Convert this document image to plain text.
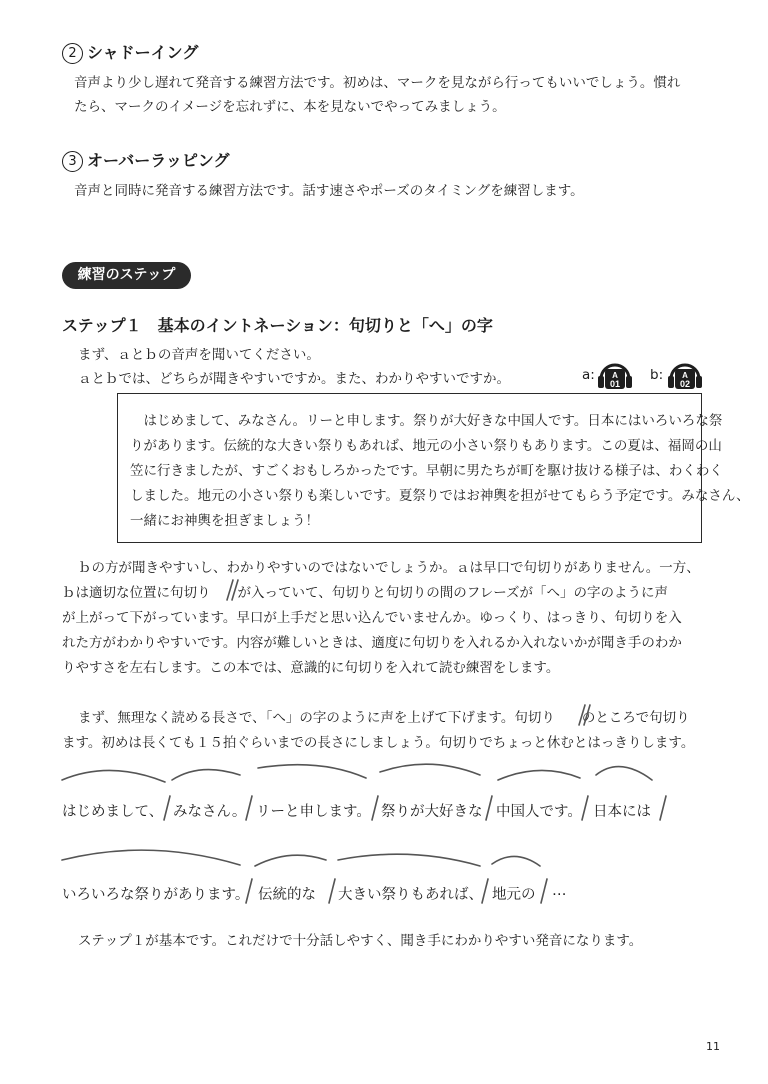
2 シャドーイング
音声より少し遅れて発音する練習方法です。初めは、マークを見ながら行ってもいいでしょう。慣れ
たら、マークのイメージを忘れずに、本を見ないでやってみましょう。
3 オーバーラッピング
音声と同時に発音する練習方法です。話す速さやポーズのタイミングを練習します。
練習のステップ
ステップ１　基本のイントネーション：句切りと「へ」の字
まず、ａとｂの音声を聞いてください。
ａとｂでは、どちらが聞きやすいですか。また、わかりやすいですか。	a: A
01
b: A
02
　はじめまして、みなさん。リーと申します。祭りが大好きな中国人です。日本にはいろいろな祭
りがあります。伝統的な大きい祭りもあれば、地元の小さい祭りもあります。この夏は、福岡の山
笠に行きましたが、すごくおもしろかったです。早朝に男たちが町を駆け抜ける様子は、わくわく
しました。地元の小さい祭りも楽しいです。夏祭りではお神輿を担がせてもらう予定です。みなさん、
一緒にお神輿を担ぎましょう！
ｂの方が聞きやすいし、わかりやすいのではないでしょうか。ａは早口で句切りがありません。一方、
ｂは適切な位置に句切り　　が入っていて、句切りと句切りの間のフレーズが「へ」の字のように声
が上がって下がっています。早口が上手だと思い込んでいませんか。ゆっくり、はっきり、句切りを入
れた方がわかりやすいです。内容が難しいときは、適度に句切りを入れるか入れないかが聞き手のわか
りやすさを左右します。この本では、意識的に句切りを入れて読む練習をします。
まず、無理なく読める長さで、「へ」の字のように声を上げて下げます。句切り　　のところで句切り
ます。初めは長くても１５拍ぐらいまでの長さにしましょう。句切りでちょっと休むとはっきりします。
はじめまして、 みなさん。 リーと申します。 祭りが大好きな 中国人です。 日本には
いろいろな祭りがあります。 伝統的な 大きい祭りもあれば、 地元の …
ステップ１が基本です。これだけで十分話しやすく、聞き手にわかりやすい発音になります。
11
